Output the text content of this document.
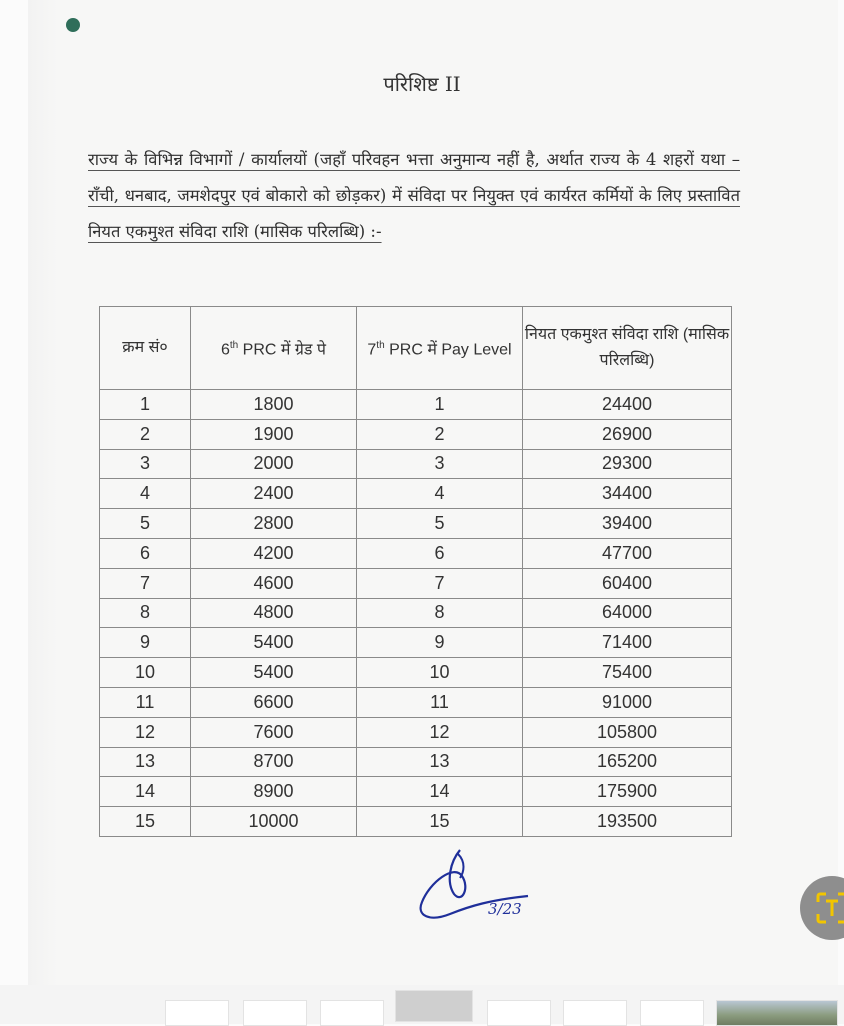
परिशिष्ट II
राज्य के विभिन्न विभागों / कार्यालयों (जहाँ परिवहन भत्ता अनुमान्य नहीं है, अर्थात राज्य के 4 शहरों यथा –राँची, धनबाद, जमशेदपुर एवं बोकारो को छोड़कर) में संविदा पर नियुक्त एवं कार्यरत कर्मियों के लिए प्रस्तावित नियत एकमुश्त संविदा राशि (मासिक परिलब्धि) :-
क्रम सं०	6th PRC में ग्रेड पे	7th PRC में Pay Level	नियत एकमुश्त संविदा राशि (मासिक परिलब्धि)
1	1800	1	24400
2	1900	2	26900
3	2000	3	29300
4	2400	4	34400
5	2800	5	39400
6	4200	6	47700
7	4600	7	60400
8	4800	8	64000
9	5400	9	71400
10	5400	10	75400
11	6600	11	91000
12	7600	12	105800
13	8700	13	165200
14	8900	14	175900
15	10000	15	193500
3/23
